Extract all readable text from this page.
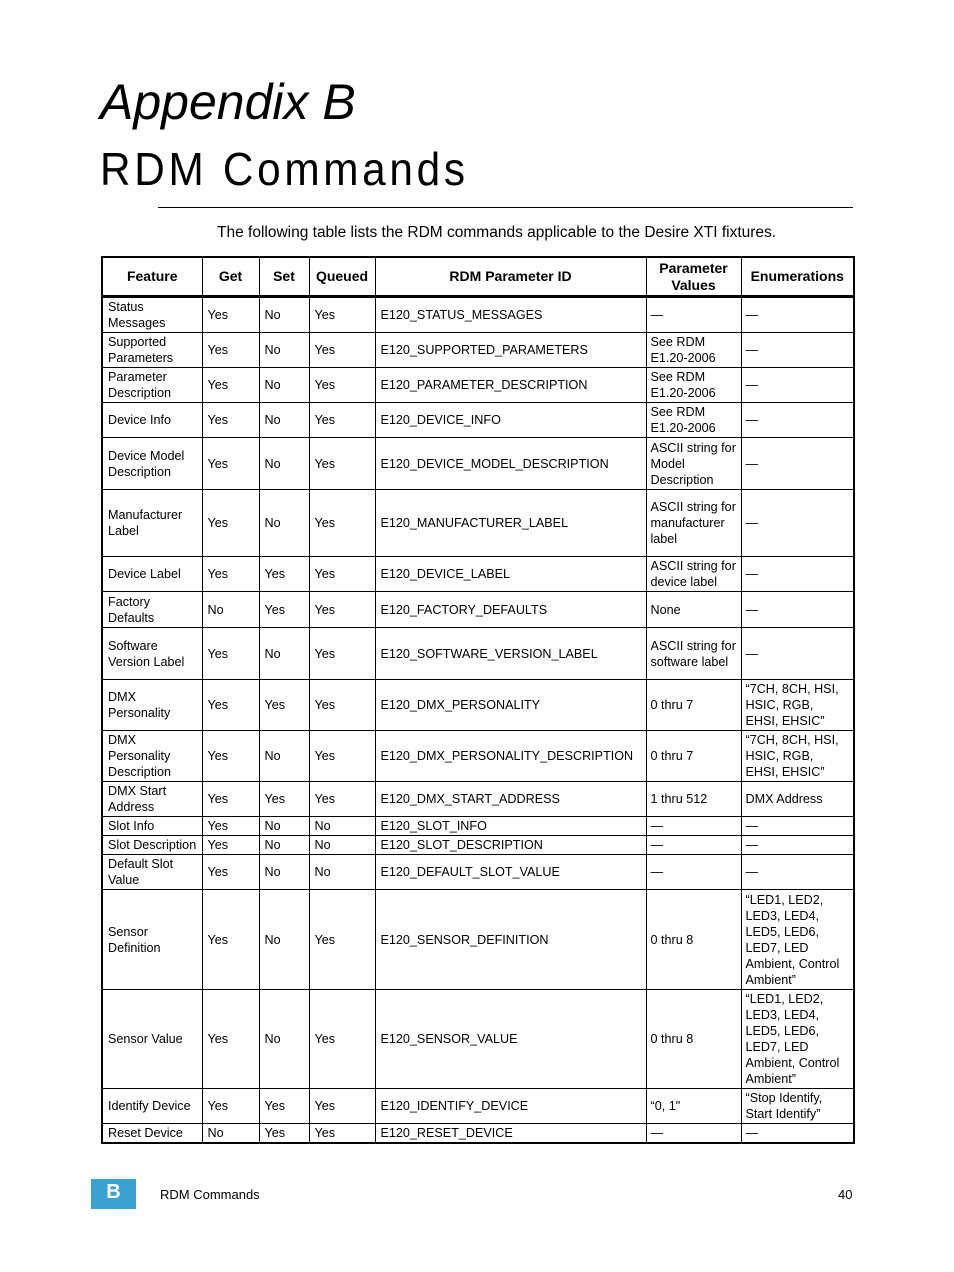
Appendix B
RDM Commands
The following table lists the RDM commands applicable to the Desire XTI fixtures.
Feature	Get	Set	Queued	RDM Parameter ID	Parameter Values	Enumerations
Status Messages	Yes	No	Yes	E120_STATUS_MESSAGES	—	—
Supported Parameters	Yes	No	Yes	E120_SUPPORTED_PARAMETERS	See RDM E1.20-2006	—
Parameter Description	Yes	No	Yes	E120_PARAMETER_DESCRIPTION	See RDM E1.20-2006	—
Device Info	Yes	No	Yes	E120_DEVICE_INFO	See RDM E1.20-2006	—
Device Model Description	Yes	No	Yes	E120_DEVICE_MODEL_DESCRIPTION	ASCII string for Model Description	—
Manufacturer Label	Yes	No	Yes	E120_MANUFACTURER_LABEL	ASCII string for manufacturer label	—
Device Label	Yes	Yes	Yes	E120_DEVICE_LABEL	ASCII string for device label	—
Factory Defaults	No	Yes	Yes	E120_FACTORY_DEFAULTS	None	—
Software Version Label	Yes	No	Yes	E120_SOFTWARE_VERSION_LABEL	ASCII string for software label	—
DMX Personality	Yes	Yes	Yes	E120_DMX_PERSONALITY	0 thru 7	“7CH, 8CH, HSI, HSIC, RGB, EHSI, EHSIC”
DMX Personality Description	Yes	No	Yes	E120_DMX_PERSONALITY_DESCRIPTION	0 thru 7	“7CH, 8CH, HSI, HSIC, RGB, EHSI, EHSIC”
DMX Start Address	Yes	Yes	Yes	E120_DMX_START_ADDRESS	1 thru 512	DMX Address
Slot Info	Yes	No	No	E120_SLOT_INFO	—	—
Slot Description	Yes	No	No	E120_SLOT_DESCRIPTION	—	—
Default Slot Value	Yes	No	No	E120_DEFAULT_SLOT_VALUE	—	—
Sensor Definition	Yes	No	Yes	E120_SENSOR_DEFINITION	0 thru 8	“LED1, LED2, LED3, LED4, LED5, LED6, LED7, LED Ambient, Control Ambient”
Sensor Value	Yes	No	Yes	E120_SENSOR_VALUE	0 thru 8	“LED1, LED2, LED3, LED4, LED5, LED6, LED7, LED Ambient, Control Ambient”
Identify Device	Yes	Yes	Yes	E120_IDENTIFY_DEVICE	“0, 1"	“Stop Identify, Start Identify”
Reset Device	No	Yes	Yes	E120_RESET_DEVICE	—	—
B	RDM Commands	40
